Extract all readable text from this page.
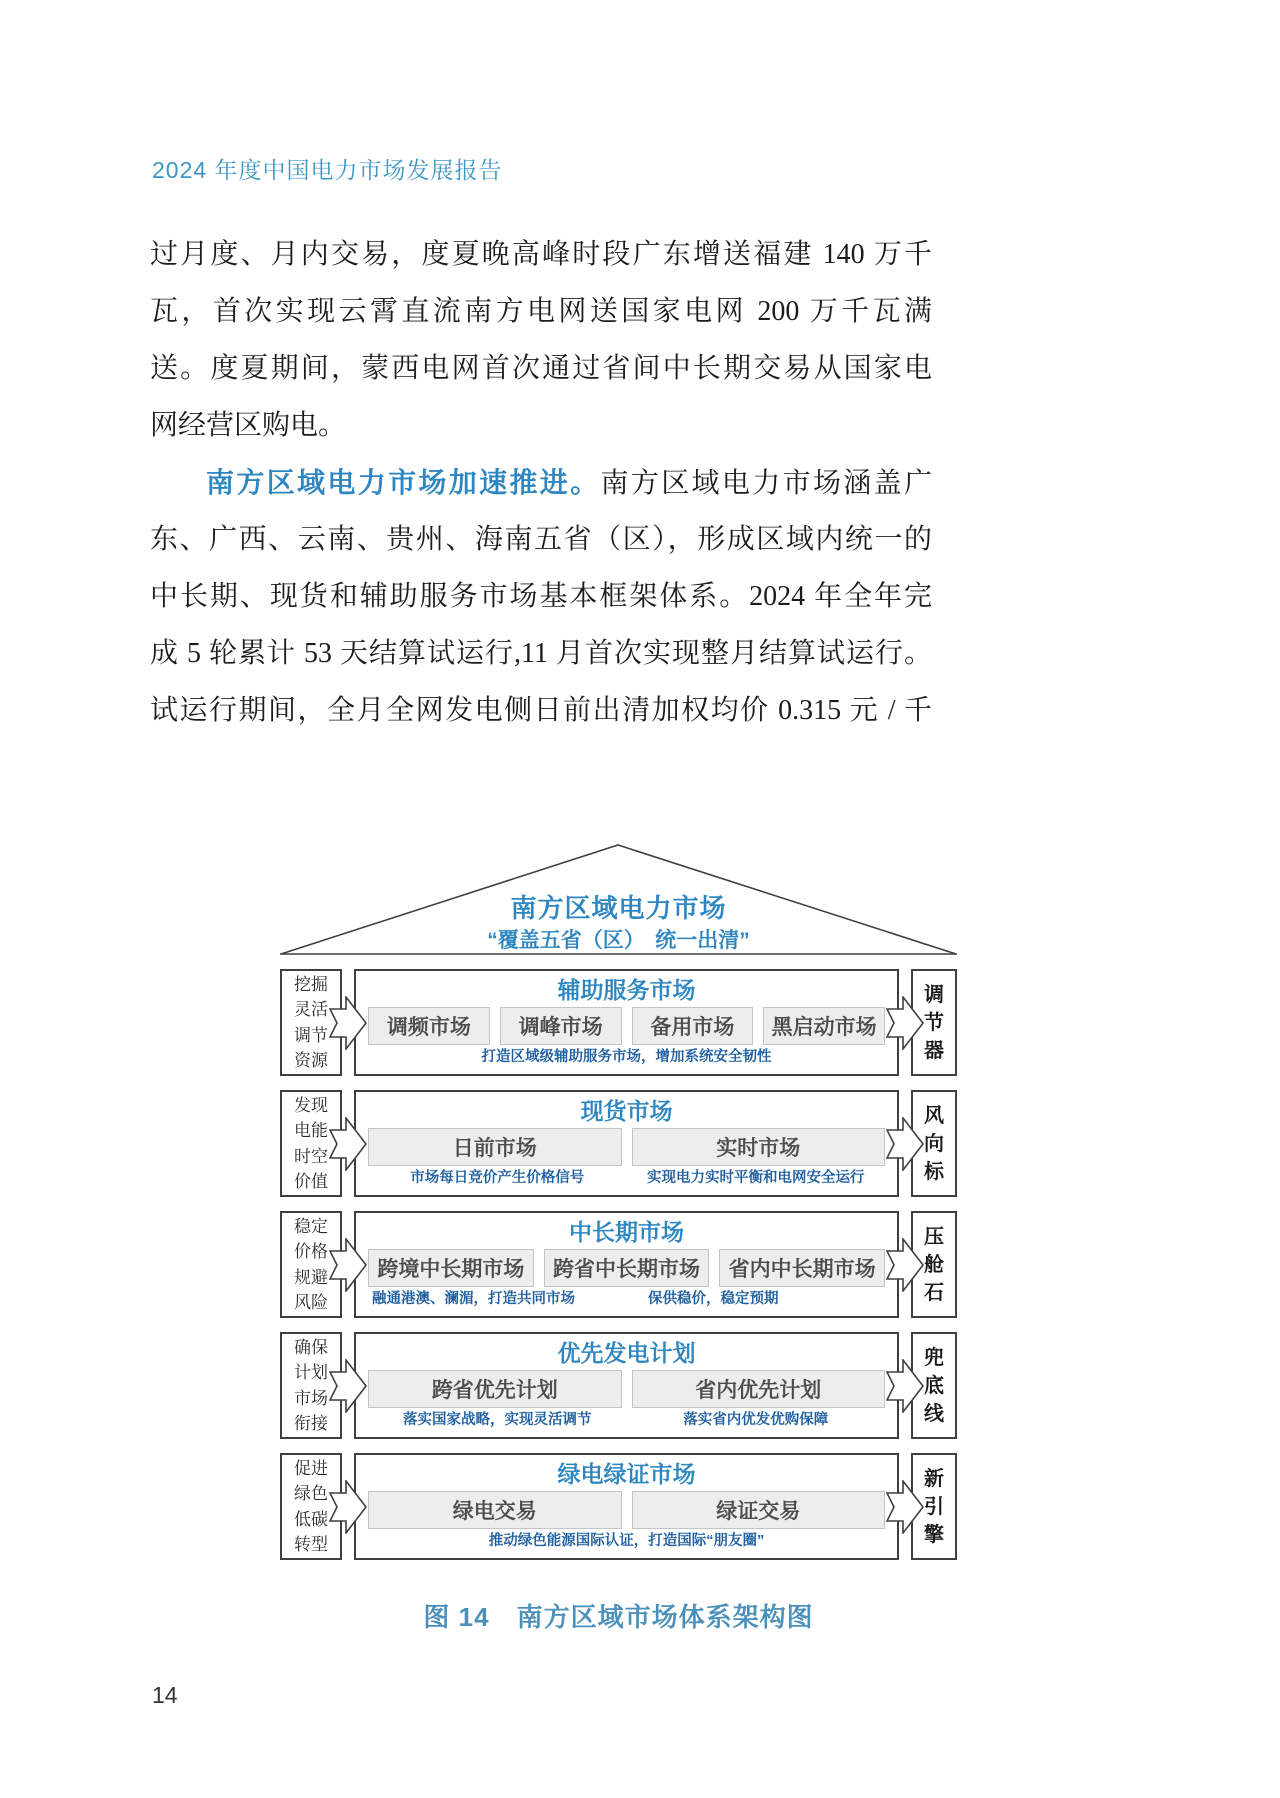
2024 年度中国电力市场发展报告
过月度、月内交易，度夏晚高峰时段广东增送福建 140 万千
瓦，首次实现云霄直流南方电网送国家电网 200 万千瓦满
送。度夏期间，蒙西电网首次通过省间中长期交易从国家电
网经营区购电。
南方区域电力市场加速推进。南方区域电力市场涵盖广
东、广西、云南、贵州、海南五省（区），形成区域内统一的
中长期、现货和辅助服务市场基本框架体系。2024 年全年完
成 5 轮累计 53 天结算试运行,11 月首次实现整月结算试运行。
试运行期间，全月全网发电侧日前出清加权均价 0.315 元 / 千
南方区域电力市场
“覆盖五省（区）　统一出清”
挖掘
灵活
调节
资源
辅助服务市场
调频市场	调峰市场	备用市场	黑启动市场
打造区域级辅助服务市场，增加系统安全韧性
调
节
器
发现
电能
时空
价值
现货市场
日前市场	实时市场
市场每日竞价产生价格信号	实现电力实时平衡和电网安全运行
风
向
标
稳定
价格
规避
风险
中长期市场
跨境中长期市场	跨省中长期市场	省内中长期市场
融通港澳、澜湄，打造共同市场	保供稳价，稳定预期
压
舱
石
确保
计划
市场
衔接
优先发电计划
跨省优先计划	省内优先计划
落实国家战略，实现灵活调节	落实省内优发优购保障
兜
底
线
促进
绿色
低碳
转型
绿电绿证市场
绿电交易	绿证交易
推动绿色能源国际认证，打造国际“朋友圈”
新
引
擎
图 14　南方区域市场体系架构图
14
